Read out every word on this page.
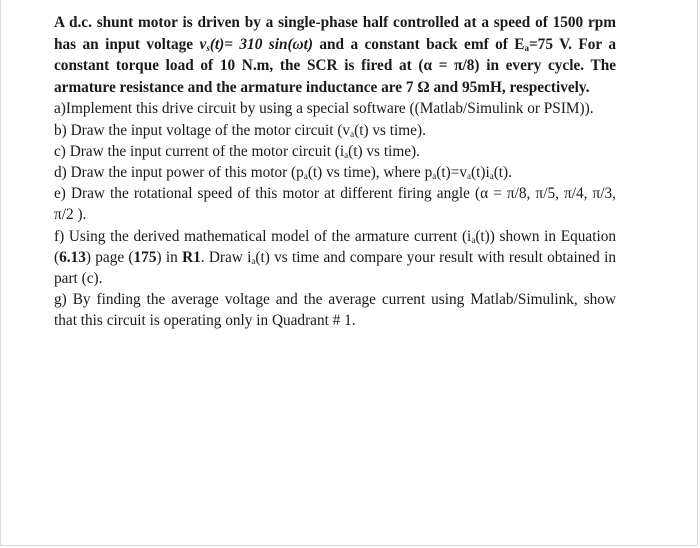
A d.c. shunt motor is driven by a single-phase half controlled at a speed of 1500 rpm has an input voltage $v_s(t)= 310$ sin(ωt) and a constant back emf of $E_a=75$ V. For a constant torque load of 10 N.m, the SCR is fired at (α = π/8) in every cycle. The armature resistance and the armature inductance are 7 Ω and 95mH, respectively.

a)Implement this drive circuit by using a special software ((Matlab/Simulink or PSIM)).

b) Draw the input voltage of the motor circuit ($v_a(t)$ vs time).

c) Draw the input current of the motor circuit ($i_a(t)$ vs time).

d) Draw the input power of this motor ($p_a(t)$ vs time), where $p_a(t)=v_a(t)i_a(t)$.

e) Draw the rotational speed of this motor at different firing angle (α = π/8, π/5, π/4, π/3, π/2 ).

f) Using the derived mathematical model of the armature current $(i_a(t))$ shown in Equation (6.13) page (175) in R1. Draw $i_a(t)$ vs time and compare your result with result obtained in part (c).

g) By finding the average voltage and the average current using Matlab/Simulink, show that this circuit is operating only in Quadrant # 1.
